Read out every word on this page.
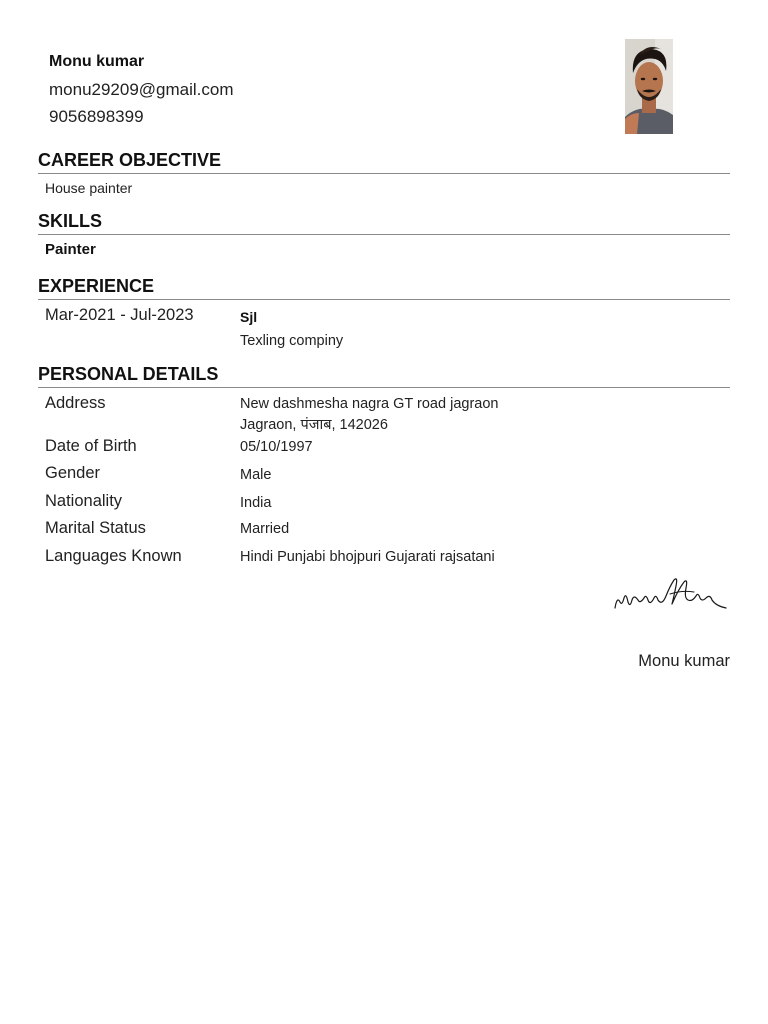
Monu kumar
monu29209@gmail.com
9056898399
CAREER OBJECTIVE
House painter
SKILLS
Painter
EXPERIENCE
Mar-2021 - Jul-2023	Sjl
Texling compiny
PERSONAL DETAILS
Address	New dashmesha nagra GT road jagraon
Jagraon, पंजाब, 142026
Date of Birth	05/10/1997
Gender	Male
Nationality	India
Marital Status	Married
Languages Known	Hindi Punjabi bhojpuri Gujarati rajsatani
Monu kumar
